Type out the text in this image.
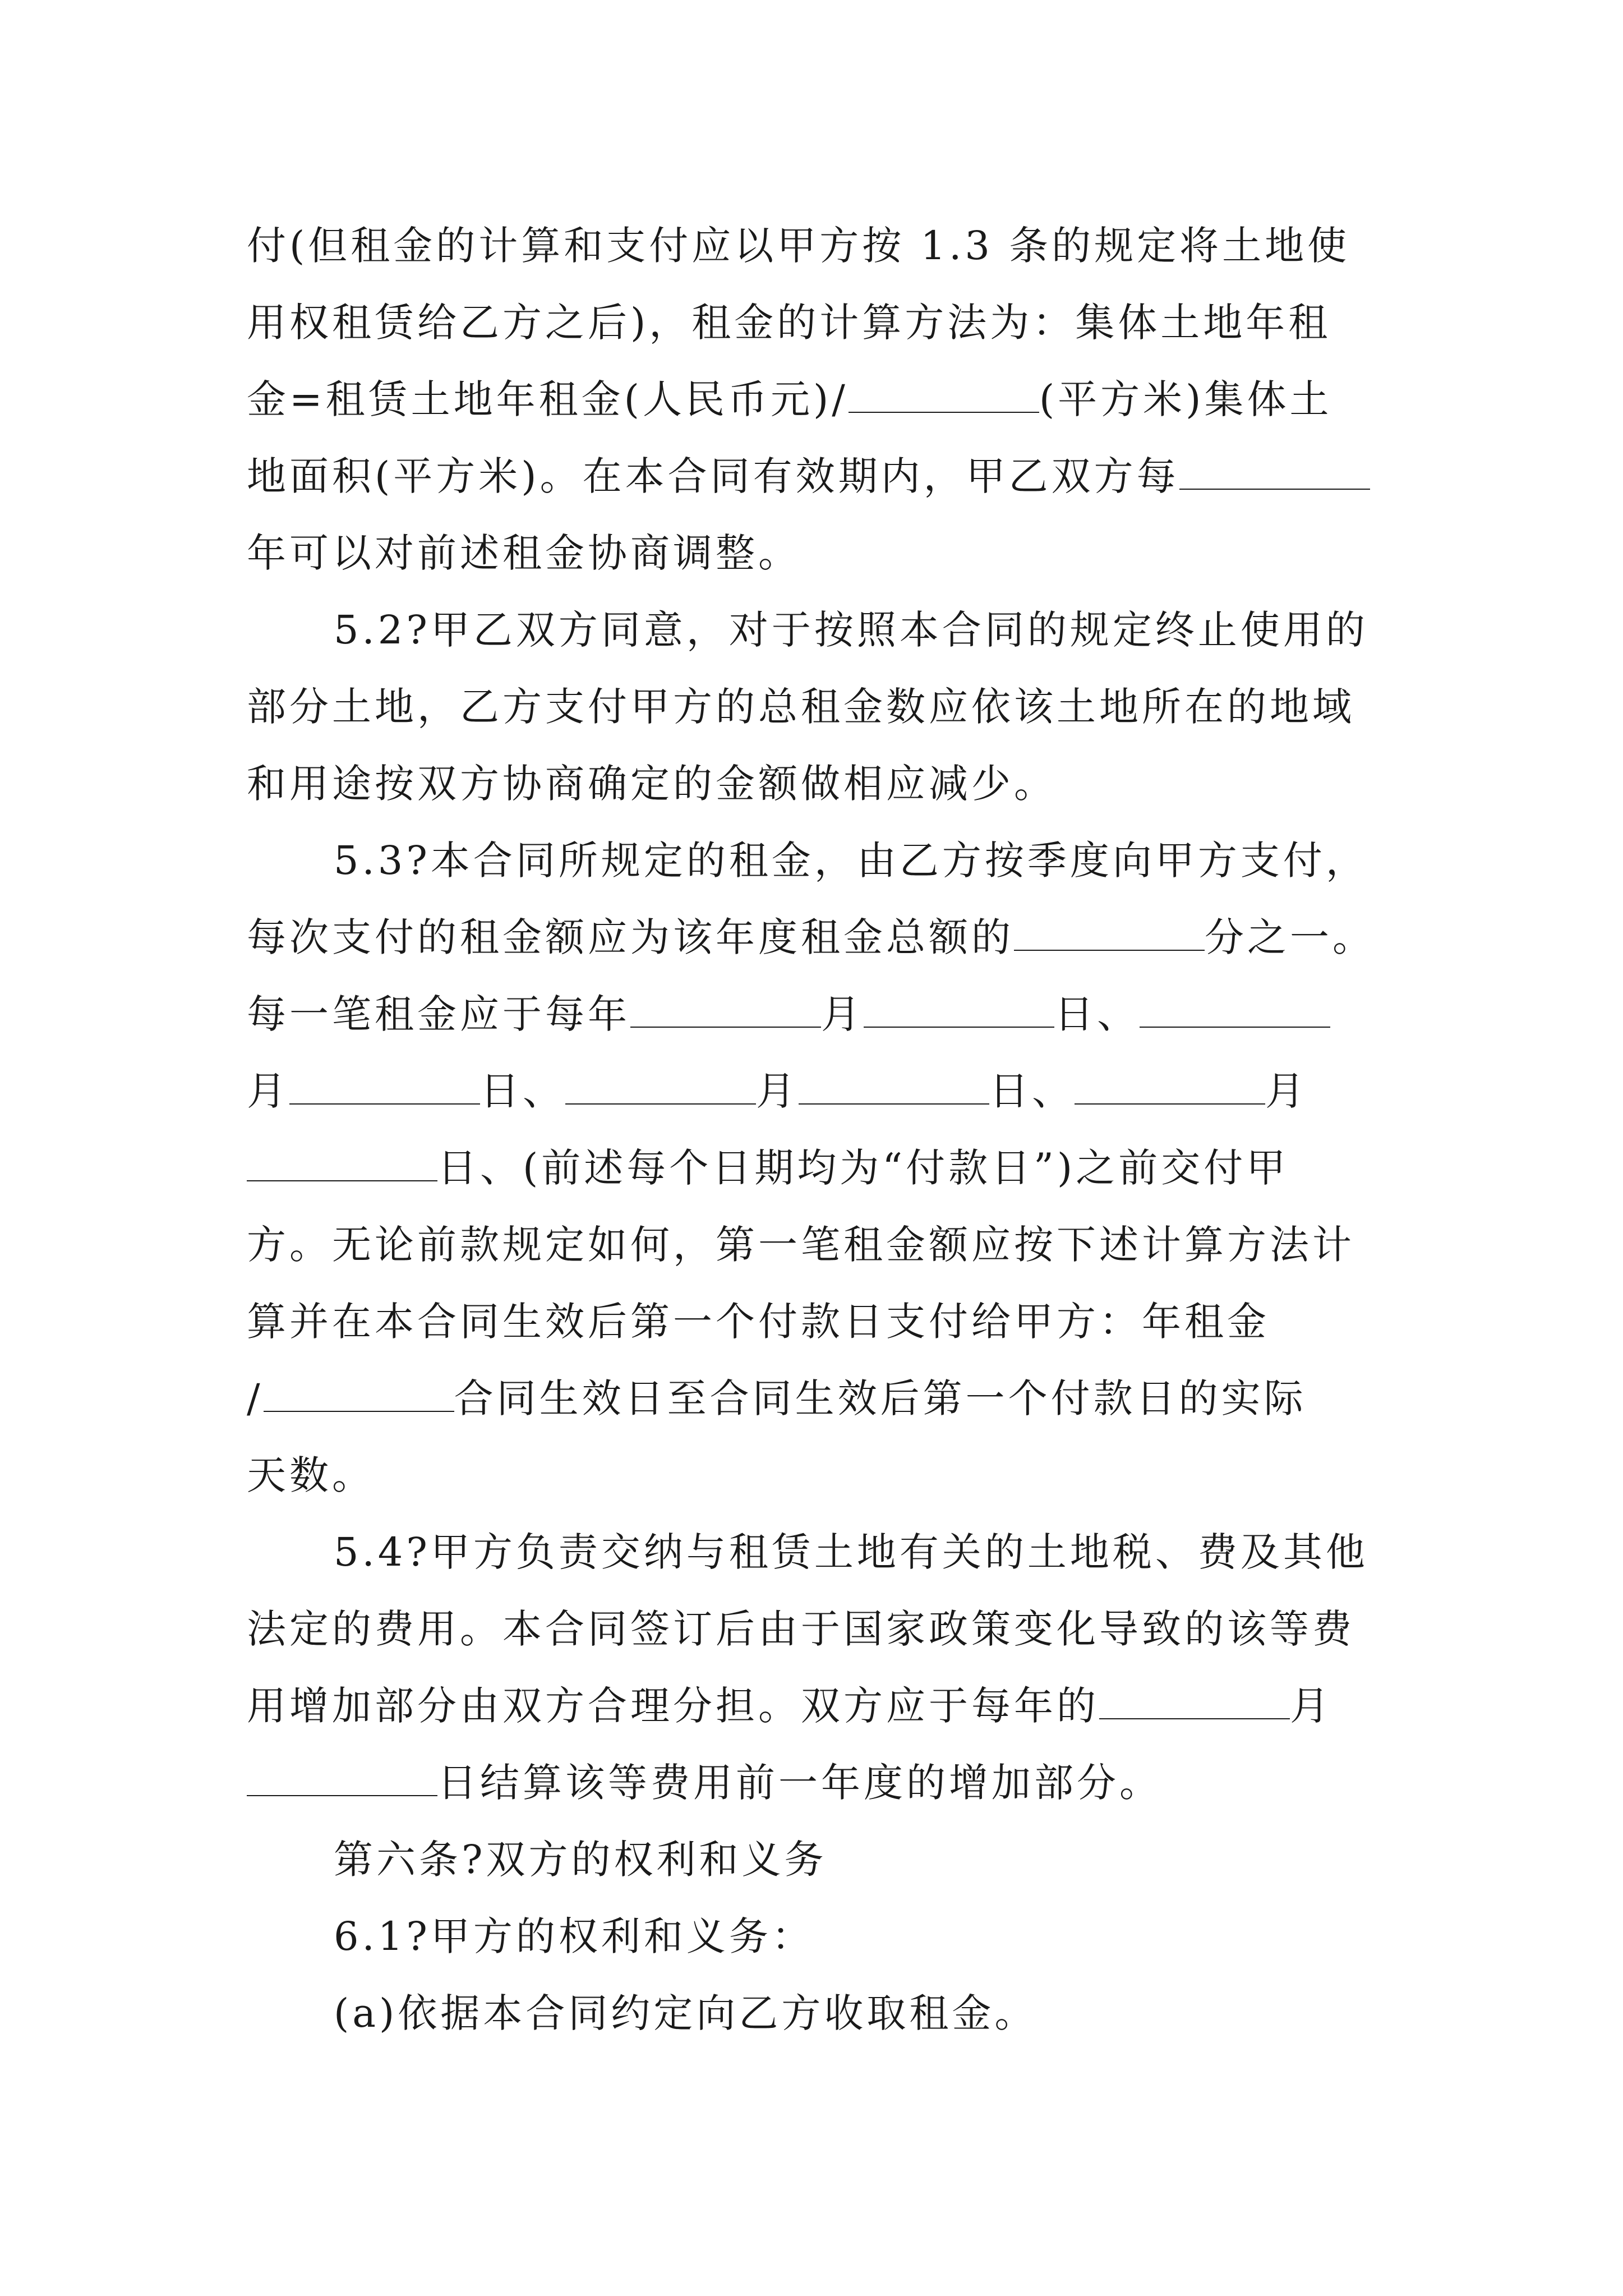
付(但租金的计算和支付应以甲方按 1.3 条的规定将土地使
用权租赁给乙方之后)，租金的计算方法为：集体土地年租
金=租赁土地年租金(人民币元)/	(平方米)集体土
地面积(平方米)。在本合同有效期内，甲乙双方每
年可以对前述租金协商调整。
5.2?甲乙双方同意，对于按照本合同的规定终止使用的
部分土地，乙方支付甲方的总租金数应依该土地所在的地域
和用途按双方协商确定的金额做相应减少。
5.3?本合同所规定的租金，由乙方按季度向甲方支付，
每次支付的租金额应为该年度租金总额的	分之一。
每一笔租金应于每年	月	日、
月	日、	月	日、	月
日、(前述每个日期均为“付款日”)之前交付甲
方。无论前款规定如何，第一笔租金额应按下述计算方法计
算并在本合同生效后第一个付款日支付给甲方：年租金
/	合同生效日至合同生效后第一个付款日的实际
天数。
5.4?甲方负责交纳与租赁土地有关的土地税、费及其他
法定的费用。本合同签订后由于国家政策变化导致的该等费
用增加部分由双方合理分担。双方应于每年的	月
日结算该等费用前一年度的增加部分。
第六条?双方的权利和义务
6.1?甲方的权利和义务：
(a)依据本合同约定向乙方收取租金。
